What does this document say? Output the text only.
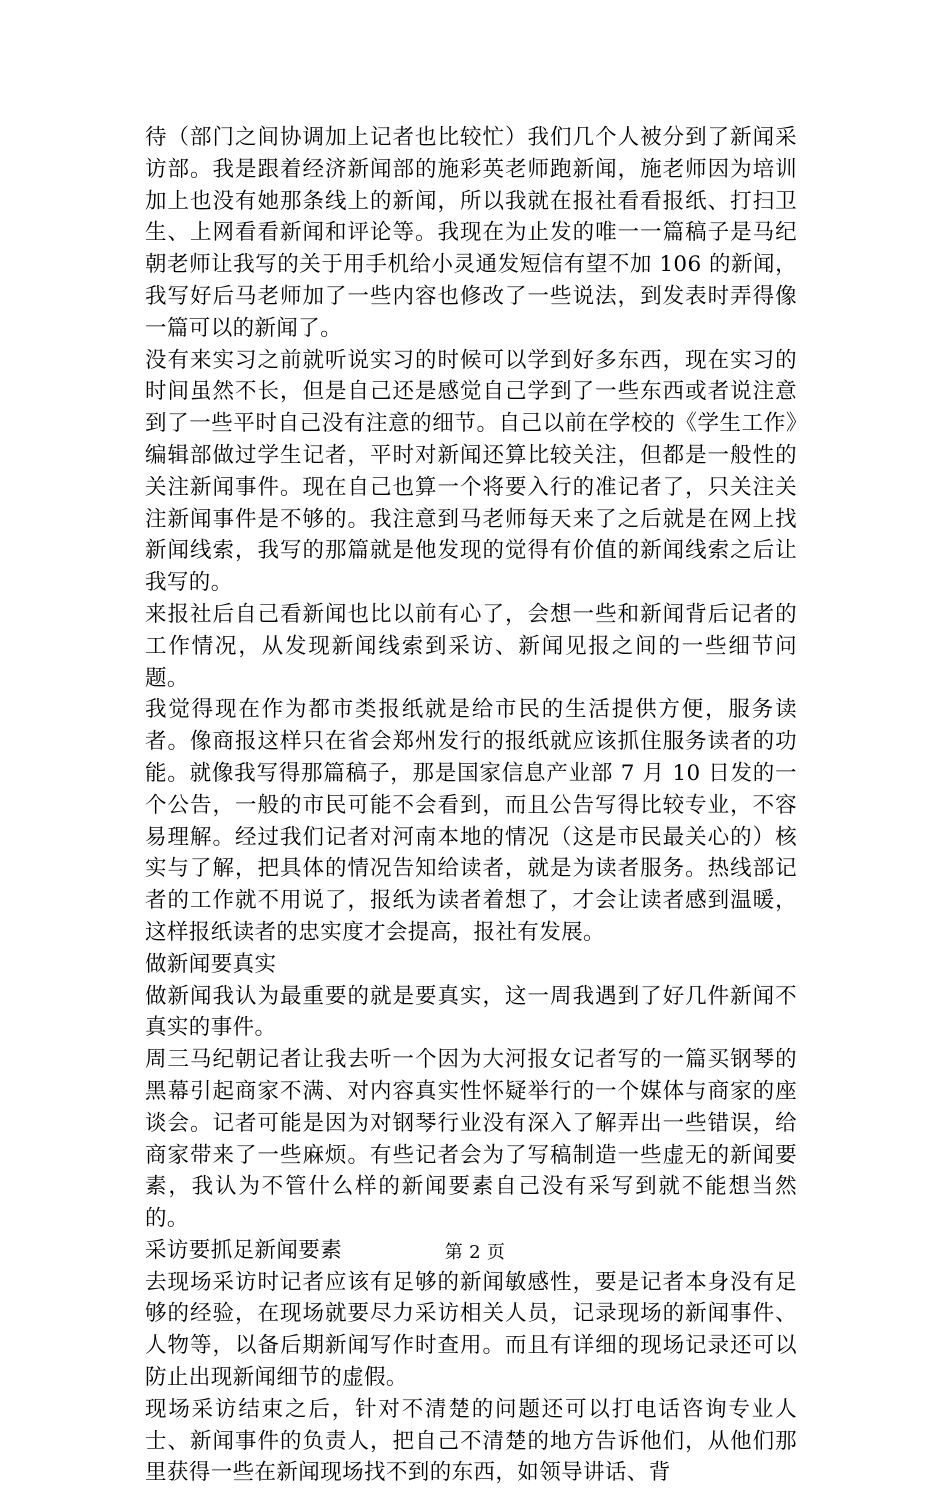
待（部门之间协调加上记者也比较忙）我们几个人被分到了新闻采访部。我是跟着经济新闻部的施彩英老师跑新闻，施老师因为培训加上也没有她那条线上的新闻，所以我就在报社看看报纸、打扫卫生、上网看看新闻和评论等。我现在为止发的唯一一篇稿子是马纪朝老师让我写的关于用手机给小灵通发短信有望不加 106 的新闻，我写好后马老师加了一些内容也修改了一些说法，到发表时弄得像一篇可以的新闻了。

没有来实习之前就听说实习的时候可以学到好多东西，现在实习的时间虽然不长，但是自己还是感觉自己学到了一些东西或者说注意到了一些平时自己没有注意的细节。自己以前在学校的《学生工作》编辑部做过学生记者，平时对新闻还算比较关注，但都是一般性的关注新闻事件。现在自己也算一个将要入行的准记者了，只关注关注新闻事件是不够的。我注意到马老师每天来了之后就是在网上找新闻线索，我写的那篇就是他发现的觉得有价值的新闻线索之后让我写的。

来报社后自己看新闻也比以前有心了，会想一些和新闻背后记者的工作情况，从发现新闻线索到采访、新闻见报之间的一些细节问题。

我觉得现在作为都市类报纸就是给市民的生活提供方便，服务读者。像商报这样只在省会郑州发行的报纸就应该抓住服务读者的功能。就像我写得那篇稿子，那是国家信息产业部 7 月 10 日发的一个公告，一般的市民可能不会看到，而且公告写得比较专业，不容易理解。经过我们记者对河南本地的情况（这是市民最关心的）核实与了解，把具体的情况告知给读者，就是为读者服务。热线部记者的工作就不用说了，报纸为读者着想了，才会让读者感到温暖，这样报纸读者的忠实度才会提高，报社有发展。

做新闻要真实

做新闻我认为最重要的就是要真实，这一周我遇到了好几件新闻不真实的事件。

周三马纪朝记者让我去听一个因为大河报女记者写的一篇买钢琴的黑幕引起商家不满、对内容真实性怀疑举行的一个媒体与商家的座谈会。记者可能是因为对钢琴行业没有深入了解弄出一些错误，给商家带来了一些麻烦。有些记者会为了写稿制造一些虚无的新闻要素，我认为不管什么样的新闻要素自己没有采写到就不能想当然的。

采访要抓足新闻要素

去现场采访时记者应该有足够的新闻敏感性，要是记者本身没有足够的经验，在现场就要尽力采访相关人员，记录现场的新闻事件、人物等，以备后期新闻写作时查用。而且有详细的现场记录还可以防止出现新闻细节的虚假。

现场采访结束之后，针对不清楚的问题还可以打电话咨询专业人士、新闻事件的负责人，把自己不清楚的地方告诉他们，从他们那里获得一些在新闻现场找不到的东西，如领导讲话、背

第 2 页
